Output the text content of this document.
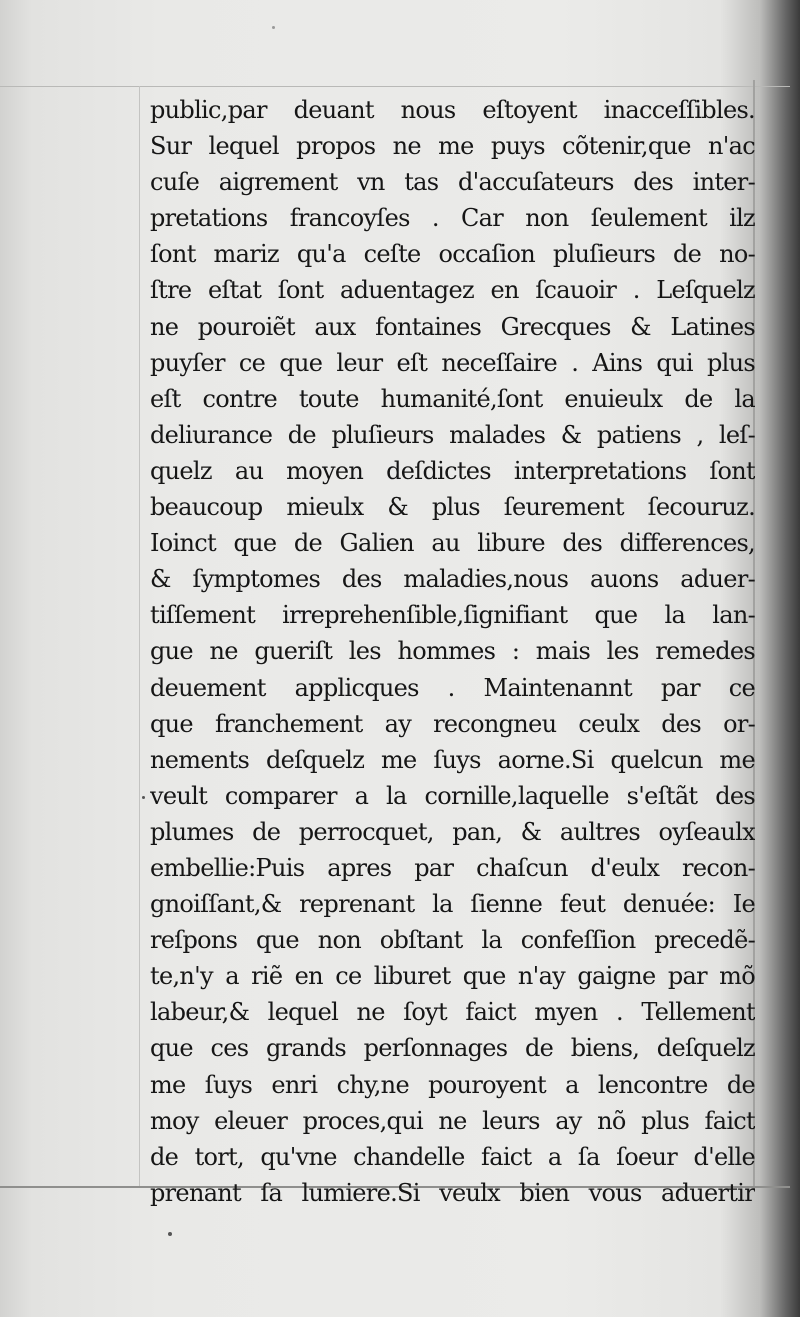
public,par deuant nous eſtoyent inacceſſibles.
Sur lequel propos ne me puys cõtenir,que n'ac
cuſe aigrement vn tas d'accuſateurs des inter-
pretations francoyſes . Car non ſeulement ilz
ſont mariz qu'a ceſte occaſion pluſieurs de no-
ſtre eſtat ſont aduentagez en ſcauoir . Leſquelz
ne pouroiẽt aux fontaines Grecques & Latines
puyſer ce que leur eſt neceſſaire . Ains qui plus
eſt contre toute humanité,ſont enuieulx de la
deliurance de pluſieurs malades & patiens , leſ-
quelz au moyen deſdictes interpretations ſont
beaucoup mieulx & plus ſeurement ſecouruz.
Ioinct que de Galien au libure des differences,
& ſymptomes des maladies,nous auons aduer-
tiſſement irreprehenſible,ſignifiant que la lan-
gue ne gueriſt les hommes : mais les remedes
deuement applicques . Maintenannt par ce
que franchement ay recongneu ceulx des or-
nements deſquelz me ſuys aorne.Si quelcun me
veult comparer a la cornille,laquelle s'eſtãt des
plumes de perrocquet, pan, & aultres oyſeaulx
embellie:Puis apres par chaſcun d'eulx recon-
gnoiſſant,& reprenant la ſienne feut denuée: Ie
reſpons que non obſtant la confeſſion precedẽ-
te,n'y a riẽ en ce liburet que n'ay gaigne par mõ
labeur,& lequel ne ſoyt faict myen . Tellement
que ces grands perſonnages de biens, deſquelz
me ſuys enri chy,ne pouroyent a lencontre de
moy eleuer proces,qui ne leurs ay nõ plus faict
de tort, qu'vne chandelle faict a ſa ſoeur d'elle
prenant ſa lumiere.Si veulx bien vous aduertir
